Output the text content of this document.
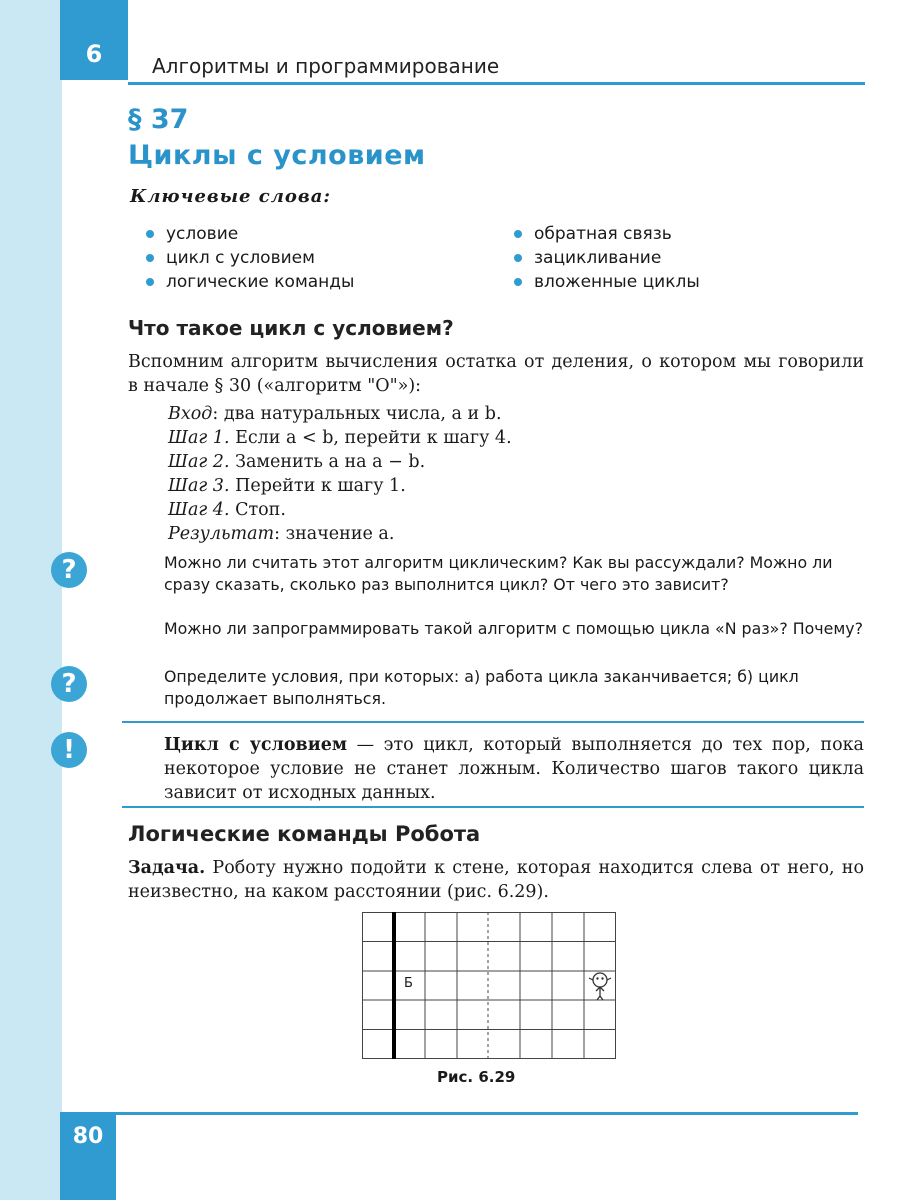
6	Алгоритмы и программирование
§ 37
Циклы с условием
Ключевые слова:
условие
цикл с условием
логические команды
обратная связь
зацикливание
вложенные циклы
Что такое цикл с условием?
Вспомним алгоритм вычисления остатка от деления, о котором мы говорили в начале § 30 («алгоритм "О"»):
Вход: два натуральных числа, a и b.
Шаг 1. Если a < b, перейти к шагу 4.
Шаг 2. Заменить a на a − b.
Шаг 3. Перейти к шагу 1.
Шаг 4. Стоп.
Результат: значение a.
?	Можно ли считать этот алгоритм циклическим? Как вы рассуждали? Можно ли сразу сказать, сколько раз выполнится цикл? От чего это зависит?
Можно ли запрограммировать такой алгоритм с помощью цикла «N раз»? Почему?
?	Определите условия, при которых: а) работа цикла заканчивается; б) цикл продолжает выполняться.
!	Цикл с условием — это цикл, который выполняется до тех пор, пока некоторое условие не станет ложным. Количество шагов такого цикла зависит от исходных данных.
Логические команды Робота
Задача. Роботу нужно подойти к стене, которая находится слева от него, но неизвестно, на каком расстоянии (рис. 6.29).
Б
Рис. 6.29
80
